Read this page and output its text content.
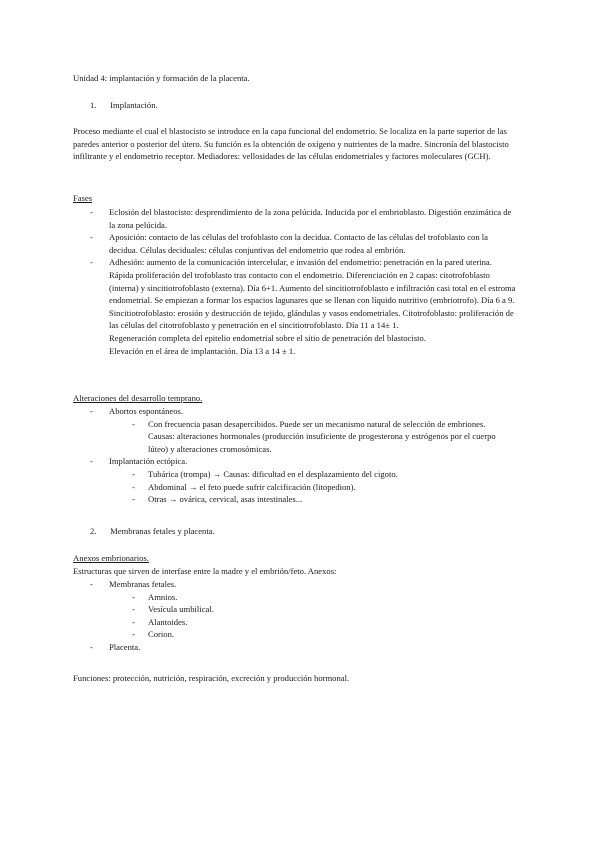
Unidad 4: implantación y formación de la placenta.
1. Implantación.
Proceso mediante el cual el blastocisto se introduce en la capa funcional del endometrio. Se localiza en la parte superior de las paredes anterior o posterior del útero. Su función es la obtención de oxígeno y nutrientes de la madre. Sincronía del blastocisto infiltrante y el endometrio receptor. Mediadores: vellosidades de las células endometriales y factores moleculares (GCH).
Fases
- Eclosión del blastocisto: desprendimiento de la zona pelúcida. Inducida por el embrioblasto. Digestión enzimática de la zona pelúcida.
- Aposición: contacto de las células del trofoblasto con la decidua. Contacto de las células del trofoblasto con la decidua. Células deciduales: células conjuntivas del endometrio que rodea al embrión.
- Adhesión: aumento de la comunicación intercelular, e invasión del endometrio: penetración en la pared uterina. Rápida proliferación del trofoblasto tras contacto con el endometrio. Diferenciación en 2 capas: citotrofoblasto (interna) y sincitiotrofoblasto (externa). Día 6+1. Aumento del sincitiotrofoblasto e infiltración casi total en el estroma endometrial. Se empiezan a formar los espacios lagunares que se llenan con líquido nutritivo (embriotrofo). Día 6 a 9. Sincitiotrofoblasto: erosión y destrucción de tejido, glándulas y vasos endometriales. Citotrofoblasto: proliferación de las células del citotrofoblasto y penetración en el sincitiotrofoblasto. Día 11 a 14± 1.
Regeneración completa del epitelio endometrial sobre el sitio de penetración del blastocisto.
Elevación en el área de implantación. Día 13 a 14 ± 1.
Alteraciones del desarrollo temprano.
- Abortos espontáneos.
- Con frecuencia pasan desapercibidos. Puede ser un mecanismo natural de selección de embriones. Causas: alteraciones hormonales (producción insuficiente de progesterona y estrógenos por el cuerpo lúteo) y alteraciones cromosómicas.
- Implantación ectópica.
- Tubárica (trompa) → Causas: dificultad en el desplazamiento del cigoto.
- Abdominal → el feto puede sufrir calcificación (litopedion).
- Otras → ovárica, cervical, asas intestinales...
2. Membranas fetales y placenta.
Anexos embrionarios.
Estructuras que sirven de interfase entre la madre y el embrión/feto. Anexos:
- Membranas fetales.
- Amnios.
- Vesícula umbilical.
- Alantoides.
- Corion.
- Placenta.
Funciones: protección, nutrición, respiración, excreción y producción hormonal.
